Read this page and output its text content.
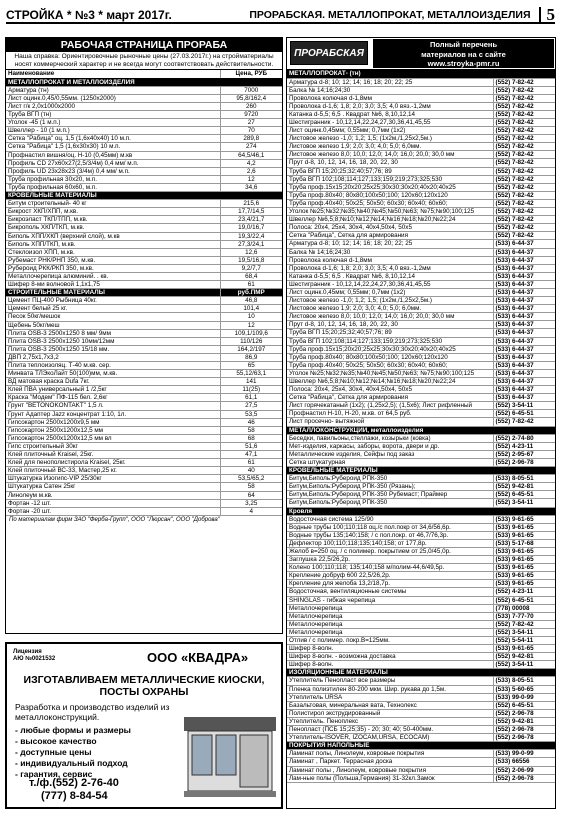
СТРОЙКА * №3 * март 2017г.	ПРОРАБСКАЯ. МЕТАЛЛОПРОКАТ, МЕТАЛЛОИЗДЕЛИЯ 5
РАБОЧАЯ СТРАНИЦА ПРОРАБА
Наша справка: Ориентировочные рыночные цены (27.03.2017г.) на стройматериалы носят коммерческий характер и не всегда могут соответствовать действительности.
Наименование	Цена, РУБ
МЕТАЛЛОПРОКАТ И МЕТАЛЛОИЗДЕЛИЯ	
Арматура (тн)	7000
Лист оцинк.0,45/0,55мм. (1250х2000)	95,8/162,4
Лист г/к 2,0х1000х2000	260
Труба ВГП (тн)	9720
Уголок -45 (1 м.п.)	27
Швеллер - 10 (1 м.п.)	70
Сетка "Рабица" оц. 1,5 (1,6х40х40) 10 м.п.	289,8
Сетка "Рабица" 1,5 (1,6х30х30) 10 м.п.	274
Профнастил вишня/оц. Н-10 (0,45мм) м.кв	64,5/46,1
Профиль CD 27х60х27(2,5/3/4м) 0,4 мм/ м.п.	4,2
Профиль UD 23х28х23 (3/4м) 0,4 мм/ м.п.	2,6
Труба профильная 30х20, м.п.	12
Труба профильная 60х60, м.п.	34,6
КРОВЕЛЬНЫЕ МАТЕРИАЛЫ	
Битум строительный- 40 кг	215,6
Бикрост ХКП/ХПП, м.кв.	17,7/14,5
Бикроэласт ТКП/ТПП, м.кв.	23,4/21,7
Бикрополь ХКП/ТКП, м.кв.	19,0/16,7
Биполь ХПП/ХКП (верхний слой), м.кв	19,3/22,4
Биполь ХПП/ТКП, м.кв.	27,3/24,1
Стеклоизол ХПП, м.кв.	12,6
Рубемаст РНК/РНП 350, м.кв.	19,5/16,8
Рубероид РКК/РКП 350, м.кв.	9,2/7,7
Металлочерепица алюминий. . кв.	68,4
Шифер 8-ми волновой 1,1х1,75	61
СТРОИТЕЛЬНЫЕ МАТЕРИАЛЫ	руб.ПМР
Цемент ПЦ-400 Рыбница 40кг.	46,8
Цемент белый 25 кг.	101,4
Песок 50кг/мешок	10
Щебень 50кг/меш	12
Плита OSB-3 2500х1250 8 мм/ 9мм	109,1/109,6
Плита OSB-3 2500х1250 10мм/12мм	110/126
Плита OSB-3 2500х1250 15/18 мм.	164,2/197
ДВП 2,75х1,7х3,2	86,9
Плита теплоизоляц. Т-40 м.кв. сер.	65
Минвата ТЛЭкоЛайт 50(100)мм, м.кв.	55,12/63,1
ВД матовая краска Dufa 7кг.	141
Клей ПВА универсальный 1 /2,5кг	11(25)
Краска "Модем" ПФ-115 бел. 2,6кг	61,1
Грунт "BETONOKONTAKT" 1,5 л.	27,5
Грунт Адаптер Jazz концентрат 1:10, 1л.	53,5
Гипсокартон 2500х1200х9,5 мм	46
Гипсокартон 2500х1200х12,5 мм	58
Гипсокартон 2500х1200х12,5 мм вл	68
Гипс строительный 30кг	51,6
Клей плиточный Kraisel, 25кг.	47,1
Клей для пенополистирола Kraisel, 25кг.	61
Клей плиточный ВС-33, Мастер,25 кг.	40
Штукатурка Изогипс-VIP 25/30кг	53,5/65,2
Штукатурка Сатен 25кг	58
Линолеум м.кв.	64
Фортан -12 шт.	3,25
Фортан -20 шт.	4
По материалам фирм ЗАО "Ферба-Групп", ООО "Люрсан", ООО "Доброва"
Лицензия
АЮ №0021532	ООО «КВАДРА»
ИЗГОТАВЛИВАЕМ МЕТАЛЛИЧЕСКИЕ КИОСКИ, ПОСТЫ ОХРАНЫ
Разработка и производство изделий из металлоконструкций.
- любые формы и размеры
- высокое качество
- доступные цены
- индивидуальный подход
- гарантия, сервис
т./ф.(552) 2-76-40
(777) 8-84-54
ПРОРАБСКАЯ
Полный перечень
материалов на с сайте
www.stroyka-pmr.ru
МЕТАЛЛОПРОКАТ- (тн)	
Арматура d-8; 10; 12; 14; 16; 18; 20; 22; 25	(552) 7-82-42
Балка № 14;16;24;30	(552) 7-82-42
Проволока колючая d-1,8мм	(552) 7-82-42
Проволока d-1,6; 1,8; 2,0; 3,0; 3,5; 4,0 вяз.-1,2мм	(552) 7-82-42
Катанка d-5,5; 6,5 . Квадрат №6, 8,10,12,14	(552) 7-82-42
Шестигранник - 10,12,14,22,24,27,30,36,41,45,55	(552) 7-82-42
Лист оцинк.0,45мм; 0,55мм; 0,7мм (1х2)	(552) 7-82-42
Листовое железо -1,0; 1,2; 1,5; (1х2м,/1,25х2,5м.)	(552) 7-82-42
Листовое железо 1,9; 2,0; 3,0; 4,0; 5,0; 6,0мм.	(552) 7-82-42
Листовое железо 8,0; 10,0; 12,0; 14,0; 16,0; 20,0; 30,0 мм	(552) 7-82-42
Прут d-8, 10, 12, 14, 16, 18, 20, 22, 30	(552) 7-82-42
Труба ВГП 15;20;25;32;40;57;76; 89	(552) 7-82-42
Труба ВГП 102;108;114;127;133;159;219;273;325;530	(552) 7-82-42
Труба проф.15х15;20х20;25х25;30х30;30х20;40х20;40х25	(552) 7-82-42
Труба проф.80х40; 80х80;100х50;100; 120х60;120х120	(552) 7-82-42
Труба проф.40х40; 50х25; 50х50; 60х30; 60х40; 60х60;	(552) 7-82-42
Уголок №25;№32;№35;№40;№45;№50;№63; №75;№90;100;125	(552) 7-82-42
Швеллер №6,5;8;№10;№12;№14;№16;№18;№20;№22;24	(552) 7-82-42
Полоса: 20х4, 25х4, 30х4, 40х4,50х4, 50х5	(552) 7-82-42
Сетка "Рабица", Сетка для армирования	(552) 7-82-42
Арматура d-8; 10; 12; 14; 16; 18; 20; 22; 25	(533) 6-44-37
Балка № 14;16;24;30	(533) 6-44-37
Проволока колючая d-1,8мм	(533) 6-44-37
Проволока d-1,6; 1,8; 2,0; 3,0; 3,5; 4,0 вяз.-1,2мм	(533) 6-44-37
Катанка d-5,5; 6,5 . Квадрат №6, 8,10,12,14	(533) 6-44-37
Шестигранник - 10,12,14,22,24,27,30,36,41,45,55	(533) 6-44-37
Лист оцинк.0,45мм; 0,55мм; 0,7мм (1х2)	(533) 6-44-37
Листовое железо -1,0; 1,2; 1,5; (1х2м,/1,25х2,5м.)	(533) 6-44-37
Листовое железо 1,9; 2,0; 3,0; 4,0; 5,0; 6,0мм.	(533) 6-44-37
Листовое железо 8,0; 10,0; 12,0; 14,0; 16,0; 20,0; 30,0 мм	(533) 6-44-37
Прут d-8, 10, 12, 14, 16, 18, 20, 22, 30	(533) 6-44-37
Труба ВГП 15;20;25;32;40;57;76; 89	(533) 6-44-37
Труба ВГП 102;108;114;127;133;159;219;273;325;530	(533) 6-44-37
Труба проф.15х15;20х20;25х25;30х30;30х20;40х20;40х25	(533) 6-44-37
Труба проф.80х40; 80х80;100х50;100; 120х60;120х120	(533) 6-44-37
Труба проф.40х40; 50х25; 50х50; 60х30; 60х40; 60х60;	(533) 6-44-37
Уголок №25;№32;№35;№40;№45;№50;№63; №75;№90;100;125	(533) 6-44-37
Швеллер №6,5;8;№10;№12;№14;№16;№18;№20;№22;24	(533) 6-44-37
Полоса: 20х4, 25х4, 30х4, 40х4,50х4, 50х5	(533) 6-44-37
Сетка "Рабица", Сетка для армирования	(533) 6-44-37
Лист горячекатаный (1х2); (1,25х2,5); (1,5х6); Лист рифленный	(552) 3-54-11
Профнастил Н-10, Н-20, м.кв. от 64,5 руб.	(552) 6-45-51
Лист просечно- вытяжной	(552) 7-82-42
МЕТАЛЛОКОНСТРУКЦИИ, металлоизделия	
Беседки, павильоны,стеллажи, козырьки (ковка)	(552) 2-74-80
Мет-изделия, каркасы, заборы, ворота, двери и др.	(552) 4-23-11
Металлические изделия, Сейфы под заказ	(552) 2-95-67
Сетка штукатурная	(552) 2-96-78
КРОВЕЛЬНЫЕ МАТЕРИАЛЫ	
Битум,Биполь:Рубероид РПК-350	(533) 8-05-51
Битум,Биполь:Рубероид РПК-350 (Рязань);	(552) 9-42-81
Битум,Биполь:Рубероид РПК-350 Рубемаст; Праймер	(552) 6-45-51
Битум,Биполь:Рубероид РПК-350	(552) 3-54-11
Кровля	
Водосточная система 125/90	(533) 9-61-65
Водные трубы 100;110;118 оц./с пол.покр от 34,6/56,6р.	(533) 9-61-65
Водные трубы 135;140;158; / с пол.покр. от 46,7/76,3р.	(533) 9-61-65
Дефлектор 100;110;118;135;140;158; от 177,8р.	(533) 5-17-68
Желоб в=250 оц. / с полимер. покрытием от 25,0/45,0р.	(533) 9-61-65
Заглушка 22,5/26,2р.	(533) 9-61-65
Колено 100;110;118; 135;140;158 м/полим-44,6/49,5р.	(533) 9-61-65
Крепление добруф 600 22,5/26,2р.	(533) 9-61-65
Крепление для желоба 13,2/18,7р.	(533) 9-61-65
Водосточная, вентиляционные системы	(552) 4-23-11
SHINGLAS - гибкая черепица	(552) 6-45-51
Металлочерепица	(778) 00008
Металлочерепица	(533) 7-77-70
Металлочерепица	(552) 7-82-42
Металлочерепица	(552) 3-54-11
Отлив / с полимер. покр.В=125мм.	(552) 5-54-11
Шифер 8-волн.	(533) 9-61-65
Шифер 8-волн. - возможна доставка	(552) 9-42-81
Шифер 8-волн.	(552) 3-54-11
ИЗОЛЯЦИОННЫЕ МАТЕРИАЛЫ	
Утеплитель Пенопласт все размеры	(533) 8-05-51
Пленка полиэтилен 80-200 мкм. Шир. рукава до 1,5м.	(533) 5-60-65
Утеплитель URSA	(533) 99-0-99
Базальтовая, минеральная вата, Технолекс	(552) 6-45-51
Полистирол экструдированный	(552) 2-96-78
Утеплитель. Пеноплекс	(552) 9-42-81
Пенопласт (ПСБ 15;25;35) - 20; 30; 40; 50-400мм.	(552) 2-96-78
Утеплитель-ISOVER, IZOCAM,URSA, ECOCAM)	(552) 2-96-78
ПОКРЫТИЯ НАПОЛЬНЫЕ	
Ламинат полы, Линолеум, ковровые покрытия	(533) 99-0-99
Ламинат , Паркет. Террасная доска	(533) 66556
Ламинат полы , Линолеум, ковровые покрытия	(552) 2-06-99
Лам-ные полы (Польша,Германия) 31-32кл.Замок	(552) 2-96-78
